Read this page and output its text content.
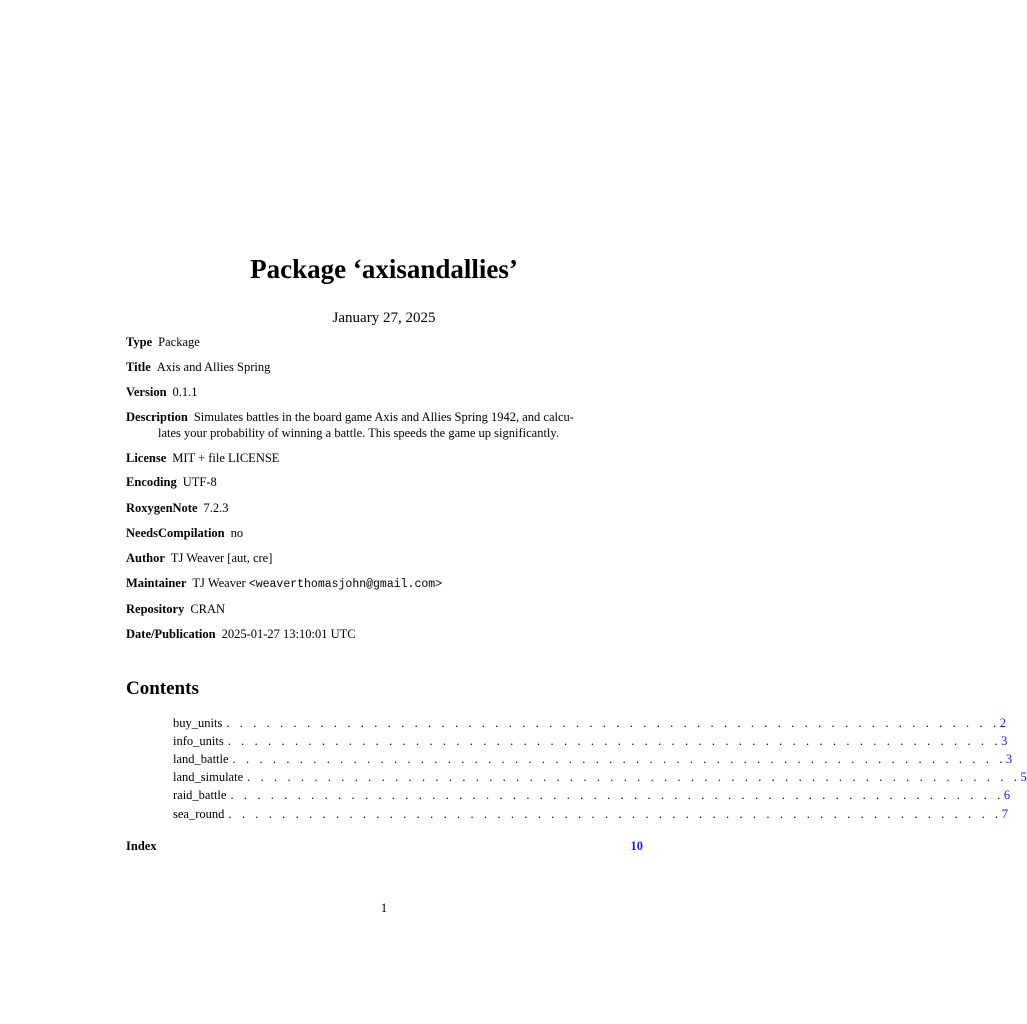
Package ‘axisandallies’
January 27, 2025
Type Package
Title Axis and Allies Spring
Version 0.1.1
Description Simulates battles in the board game Axis and Allies Spring 1942, and calcu-
lates your probability of winning a battle. This speeds the game up significantly.
License MIT + file LICENSE
Encoding UTF-8
RoxygenNote 7.2.3
NeedsCompilation no
Author TJ Weaver [aut, cre]
Maintainer TJ Weaver <weaverthomasjohn@gmail.com>
Repository CRAN
Date/Publication 2025-01-27 13:10:01 UTC
Contents
buy_units . . . . . . . . . . . . . . . . . . . . . . . . . . . . . . . . . . . . . . . . . . . . . . . . . . . . . . . . . . 2
info_units . . . . . . . . . . . . . . . . . . . . . . . . . . . . . . . . . . . . . . . . . . . . . . . . . . . . . . . . . . 3
land_battle . . . . . . . . . . . . . . . . . . . . . . . . . . . . . . . . . . . . . . . . . . . . . . . . . . . . . . . . . . 3
land_simulate . . . . . . . . . . . . . . . . . . . . . . . . . . . . . . . . . . . . . . . . . . . . . . . . . . . . . . . . . . 5
raid_battle . . . . . . . . . . . . . . . . . . . . . . . . . . . . . . . . . . . . . . . . . . . . . . . . . . . . . . . . . . 6
sea_round . . . . . . . . . . . . . . . . . . . . . . . . . . . . . . . . . . . . . . . . . . . . . . . . . . . . . . . . . . 7
Index	10
1
